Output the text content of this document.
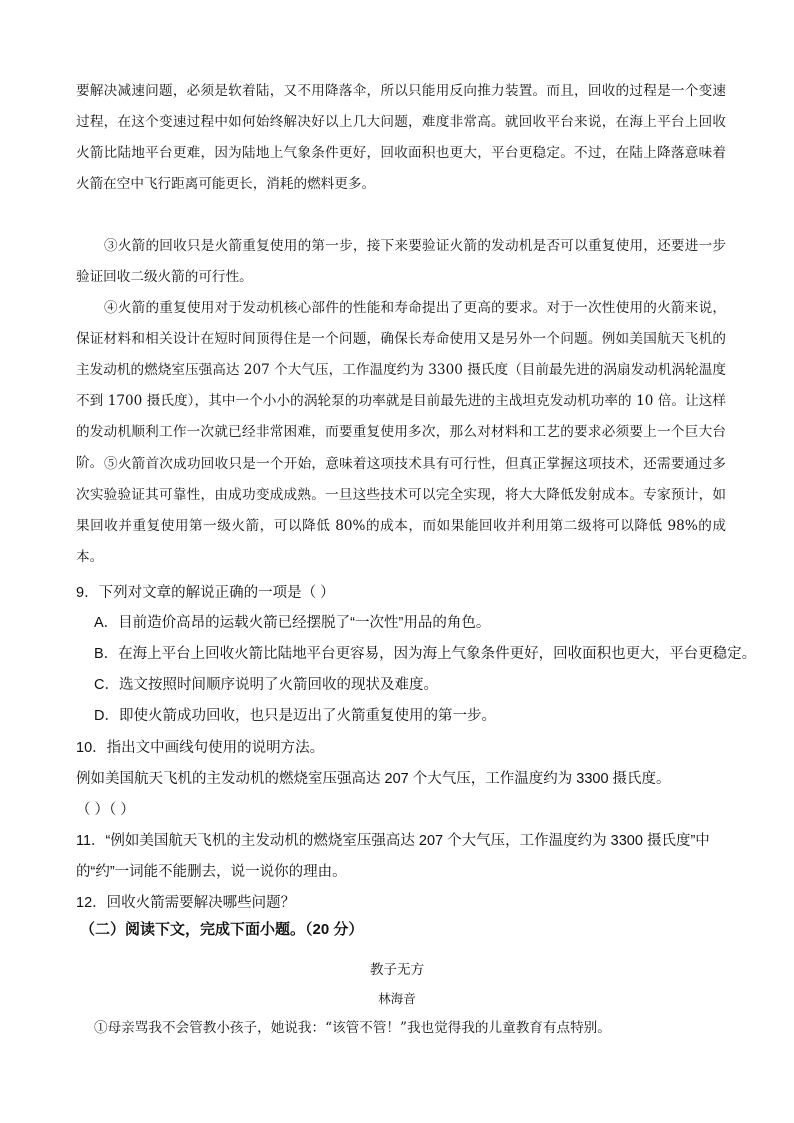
要解决减速问题，必须是软着陆，又不用降落伞，所以只能用反向推力装置。而且，回收的过程是一个变速过程，在这个变速过程中如何始终解决好以上几大问题，难度非常高。就回收平台来说，在海上平台上回收火箭比陆地平台更难，因为陆地上气象条件更好，回收面积也更大，平台更稳定。不过，在陆上降落意味着火箭在空中飞行距离可能更长，消耗的燃料更多。
③火箭的回收只是火箭重复使用的第一步，接下来要验证火箭的发动机是否可以重复使用，还要进一步验证回收二级火箭的可行性。
④火箭的重复使用对于发动机核心部件的性能和寿命提出了更高的要求。对于一次性使用的火箭来说，保证材料和相关设计在短时间顶得住是一个问题，确保长寿命使用又是另外一个问题。例如美国航天飞机的主发动机的燃烧室压强高达 207 个大气压，工作温度约为 3300 摄氏度（目前最先进的涡扇发动机涡轮温度不到 1700 摄氏度），其中一个小小的涡轮泵的功率就是目前最先进的主战坦克发动机功率的 10 倍。让这样的发动机顺利工作一次就已经非常困难，而要重复使用多次，那么对材料和工艺的要求必须要上一个巨大台阶。 ⑤火箭首次成功回收只是一个开始，意味着这项技术具有可行性，但真正掌握这项技术，还需要通过多次实验验证其可靠性，由成功变成成熟。一旦这些技术可以完全实现，将大大降低发射成本。专家预计，如果回收并重复使用第一级火箭，可以降低 80%的成本，而如果能回收并利用第二级将可以降低 98%的成本。
9．下列对文章的解说正确的一项是（ ）
A．目前造价高昂的运载火箭已经摆脱了“一次性”用品的角色。
B．在海上平台上回收火箭比陆地平台更容易，因为海上气象条件更好，回收面积也更大，平台更稳定。
C．选文按照时间顺序说明了火箭回收的现状及难度。
D．即使火箭成功回收，也只是迈出了火箭重复使用的第一步。
10．指出文中画线句使用的说明方法。
例如美国航天飞机的主发动机的燃烧室压强高达 207 个大气压，工作温度约为 3300 摄氏度。
（ ）（ ）
11．“例如美国航天飞机的主发动机的燃烧室压强高达 207 个大气压，工作温度约为 3300 摄氏度”中的“约”一词能不能删去，说一说你的理由。
12．回收火箭需要解决哪些问题？
（二）阅读下文，完成下面小题。（20 分）
教子无方
林海音
①母亲骂我不会管教小孩子，她说我：“该管不管！”我也觉得我的儿童教育有点特别。
